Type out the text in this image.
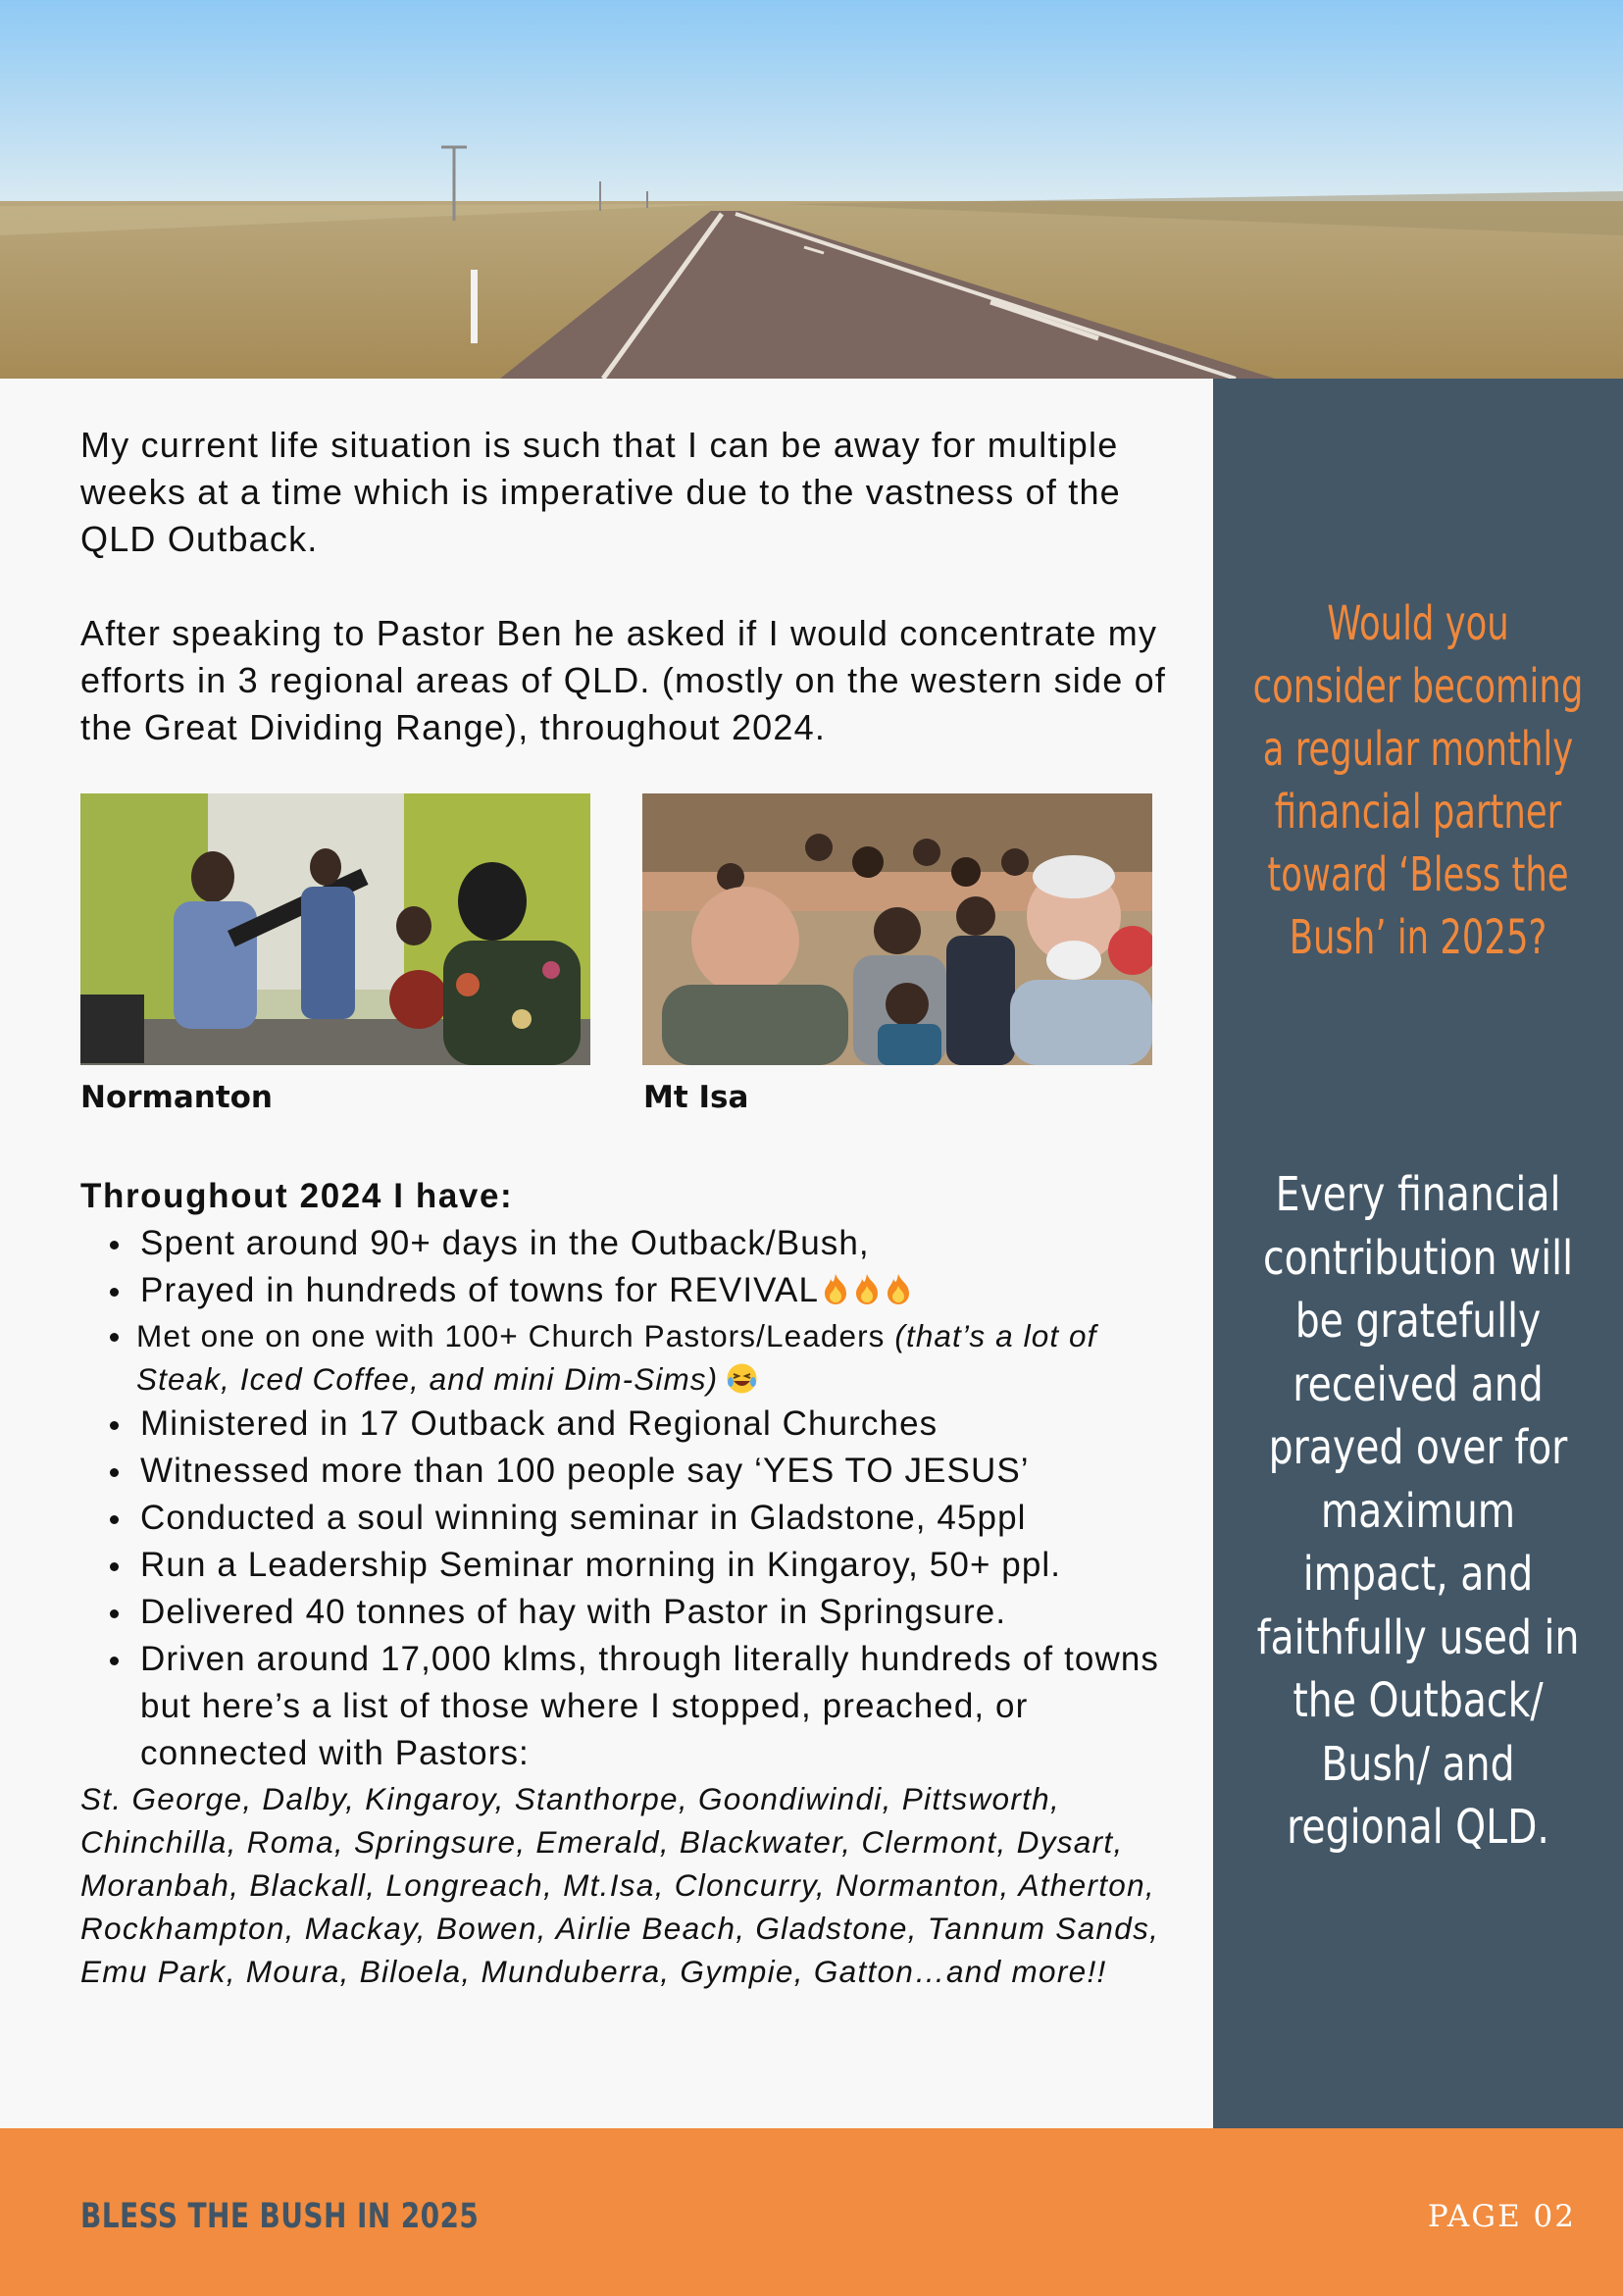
My current life situation is such that I can be away for multiple weeks at a time which is imperative due to the vastness of the QLD Outback.

After speaking to Pastor Ben he asked if I would concentrate my efforts in 3 regional areas of QLD. (mostly on the western side of the Great Dividing Range), throughout 2024.

Normanton	Mt Isa

Throughout 2024 I have:

Spent around 90+ days in the Outback/Bush,
Prayed in hundreds of towns for REVIVAL
Met one on one with 100+ Church Pastors/Leaders (that’s a lot of Steak, Iced Coffee, and mini Dim-Sims)
Ministered in 17 Outback and Regional Churches
Witnessed more than 100 people say ‘YES TO JESUS’
Conducted a soul winning seminar in Gladstone, 45ppl
Run a Leadership Seminar morning in Kingaroy, 50+ ppl.
Delivered 40 tonnes of hay with Pastor in Springsure.
Driven around 17,000 klms, through literally hundreds of towns but here’s a list of those where I stopped, preached, or connected with Pastors:

St. George, Dalby, Kingaroy, Stanthorpe, Goondiwindi, Pittsworth, Chinchilla, Roma, Springsure, Emerald, Blackwater, Clermont, Dysart, Moranbah, Blackall, Longreach, Mt.Isa, Cloncurry, Normanton, Atherton, Rockhampton, Mackay, Bowen, Airlie Beach, Gladstone, Tannum Sands, Emu Park, Moura, Biloela, Munduberra, Gympie, Gatton…and more!!

Would you consider becoming a regular monthly financial partner toward ‘Bless the Bush’ in 2025?
Every financial contribution will be gratefully received and prayed over for maximum impact, and faithfully used in the Outback/ Bush/ and regional QLD.
BLESS THE BUSH IN 2025	PAGE 02
